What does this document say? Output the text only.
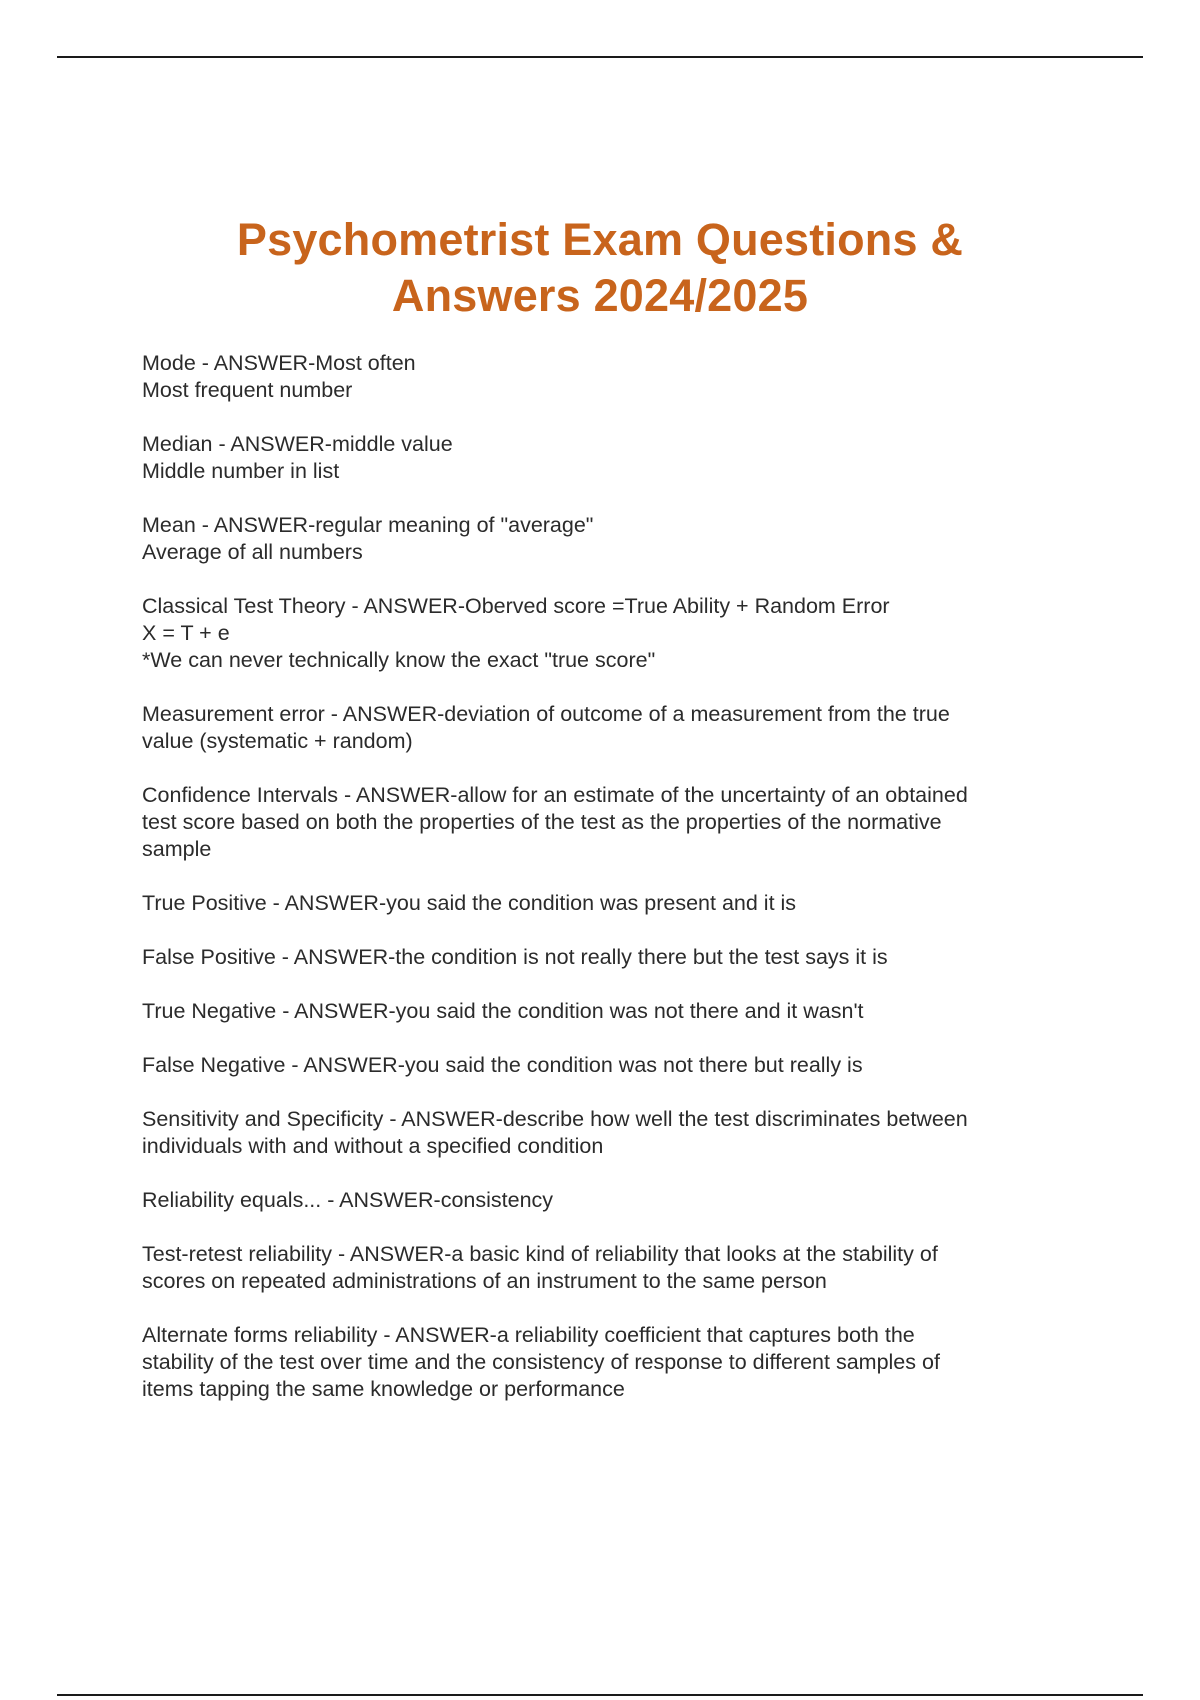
Psychometrist Exam Questions &
Answers 2024/2025
Mode - ANSWER-Most often
Most frequent number
Median - ANSWER-middle value
Middle number in list
Mean - ANSWER-regular meaning of "average"
Average of all numbers
Classical Test Theory - ANSWER-Oberved score =True Ability + Random Error
X = T + e
*We can never technically know the exact "true score"
Measurement error - ANSWER-deviation of outcome of a measurement from the true
value (systematic + random)
Confidence Intervals - ANSWER-allow for an estimate of the uncertainty of an obtained
test score based on both the properties of the test as the properties of the normative
sample
True Positive - ANSWER-you said the condition was present and it is
False Positive - ANSWER-the condition is not really there but the test says it is
True Negative - ANSWER-you said the condition was not there and it wasn't
False Negative - ANSWER-you said the condition was not there but really is
Sensitivity and Specificity - ANSWER-describe how well the test discriminates between
individuals with and without a specified condition
Reliability equals... - ANSWER-consistency
Test-retest reliability - ANSWER-a basic kind of reliability that looks at the stability of
scores on repeated administrations of an instrument to the same person
Alternate forms reliability - ANSWER-a reliability coefficient that captures both the
stability of the test over time and the consistency of response to different samples of
items tapping the same knowledge or performance
